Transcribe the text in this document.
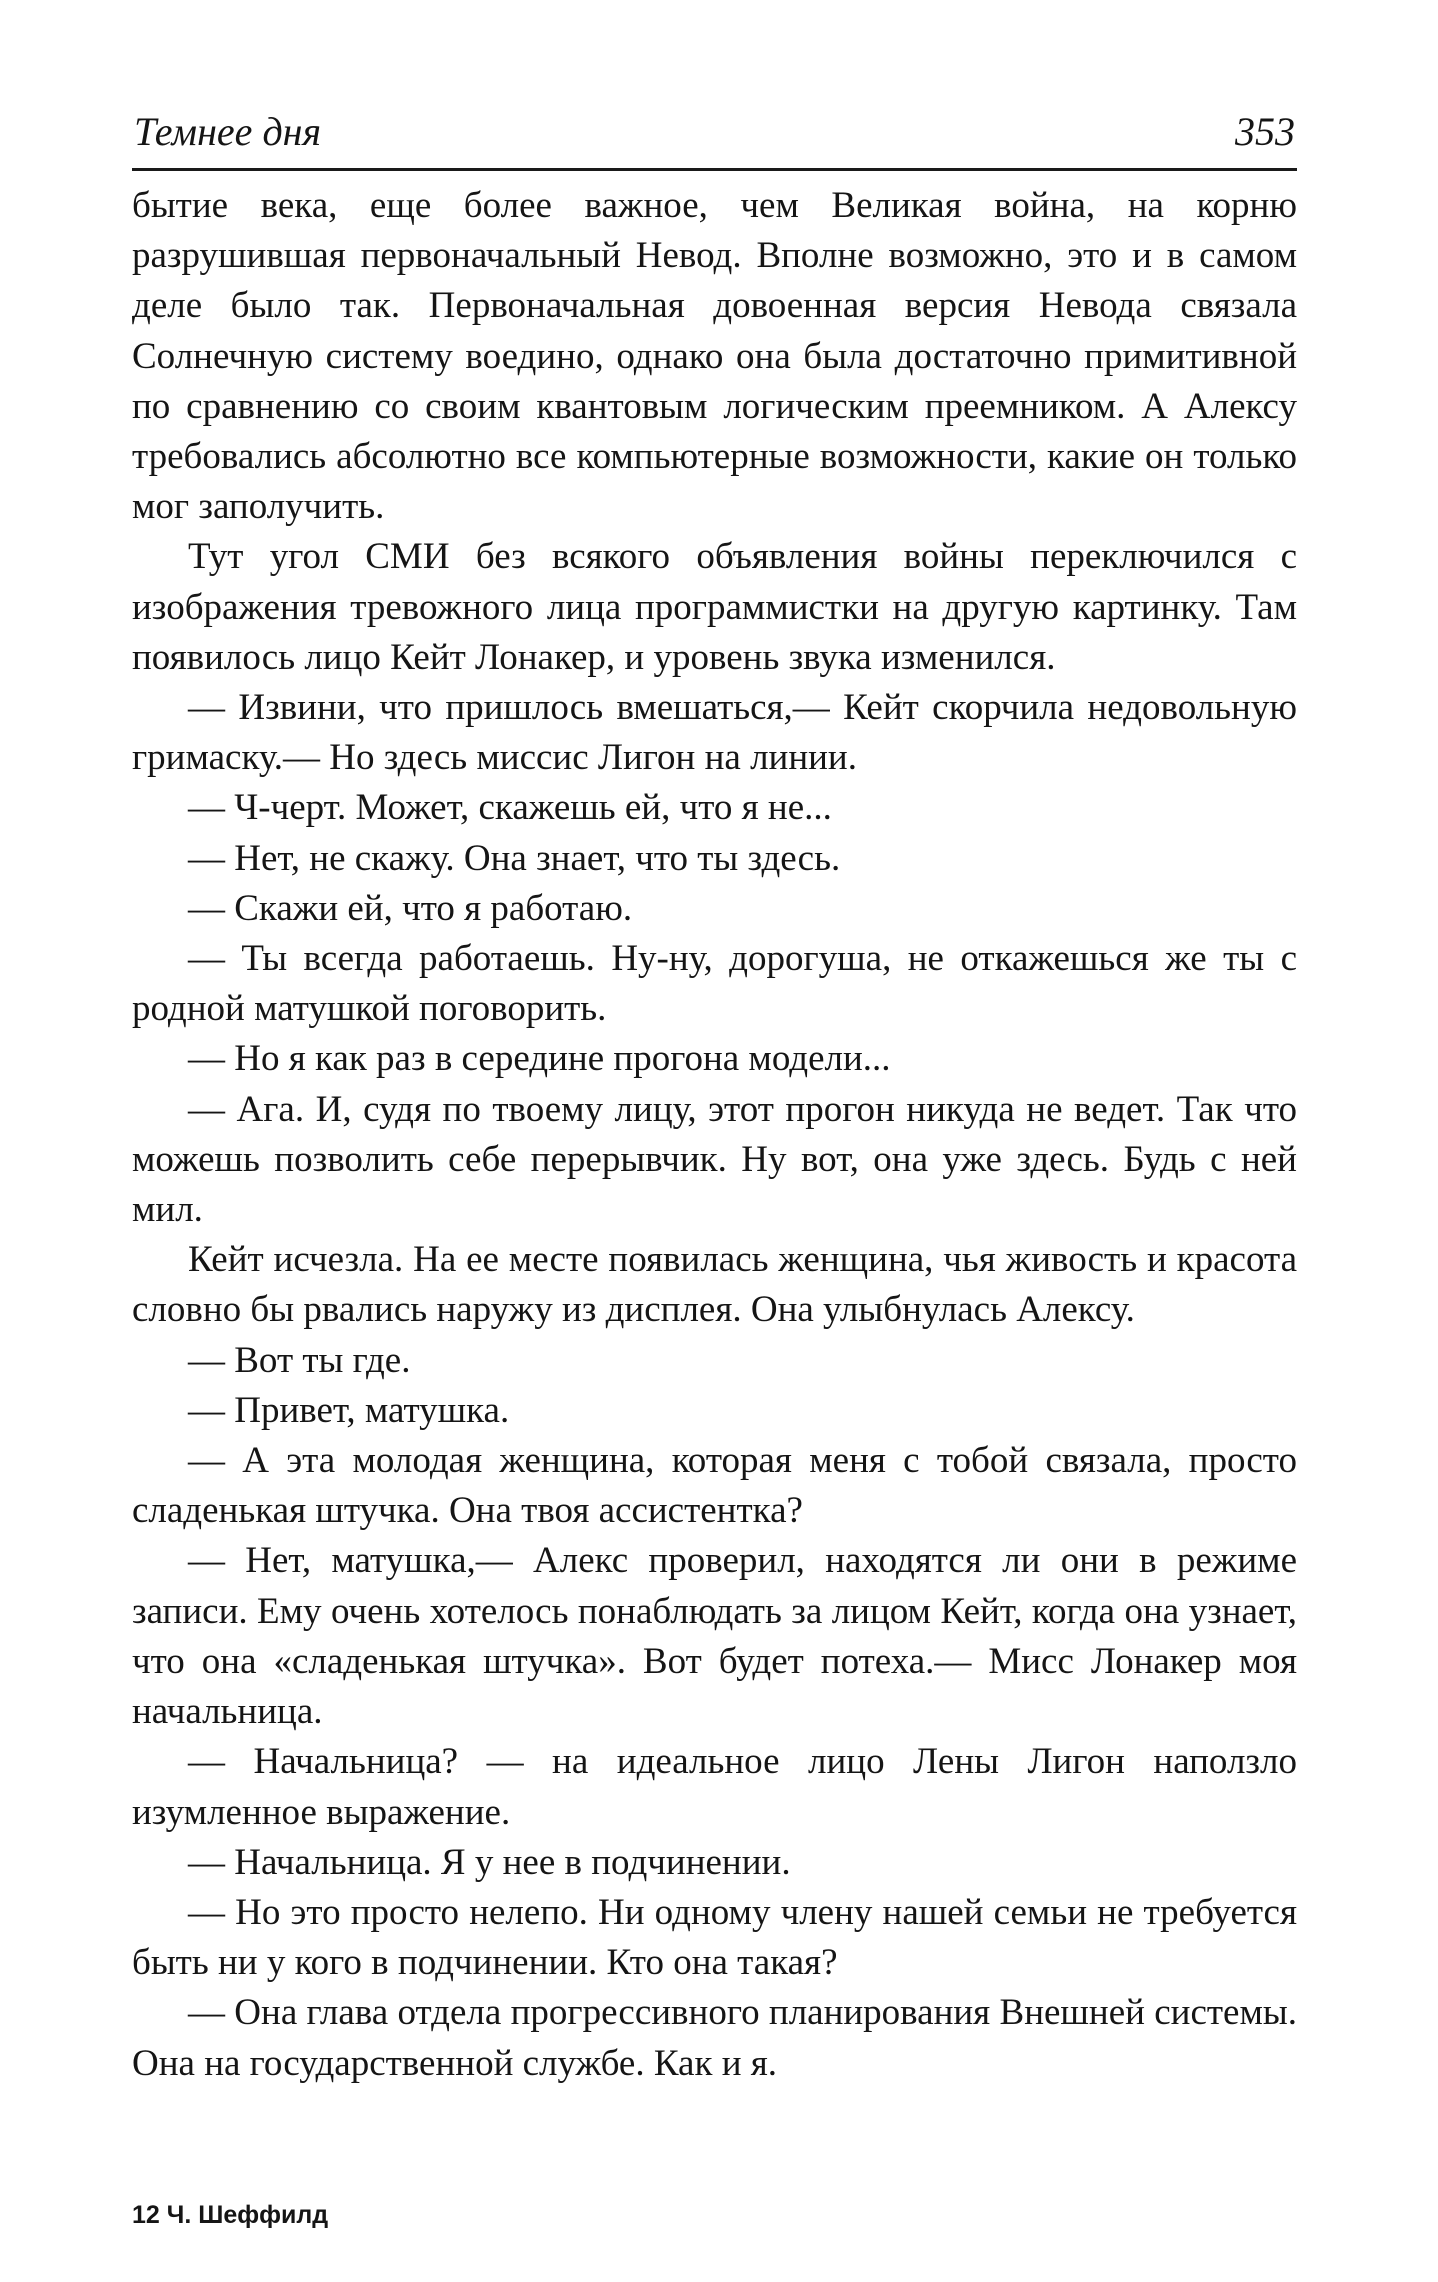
Темнее дня	353

бытие века, еще более важное, чем Великая война, на корню разрушившая первоначальный Невод. Вполне возможно, это и в самом деле было так. Первоначальная довоенная версия Невода связала Солнечную систему воедино, однако она была достаточно примитивной по сравнению со своим квантовым логическим преемником. А Алексу требовались абсолютно все компьютерные возможности, какие он только мог заполучить.

Тут угол СМИ без всякого объявления войны переключился с изображения тревожного лица программистки на другую картинку. Там появилось лицо Кейт Лонакер, и уровень звука изменился.

— Извини, что пришлось вмешаться,— Кейт скорчила недовольную гримаску.— Но здесь миссис Лигон на линии.

— Ч-черт. Может, скажешь ей, что я не...

— Нет, не скажу. Она знает, что ты здесь.

— Скажи ей, что я работаю.

— Ты всегда работаешь. Ну-ну, дорогуша, не откажешься же ты с родной матушкой поговорить.

— Но я как раз в середине прогона модели...

— Ага. И, судя по твоему лицу, этот прогон никуда не ведет. Так что можешь позволить себе перерывчик. Ну вот, она уже здесь. Будь с ней мил.

Кейт исчезла. На ее месте появилась женщина, чья живость и красота словно бы рвались наружу из дисплея. Она улыбнулась Алексу.

— Вот ты где.

— Привет, матушка.

— А эта молодая женщина, которая меня с тобой связала, просто сладенькая штучка. Она твоя ассистентка?

— Нет, матушка,— Алекс проверил, находятся ли они в режиме записи. Ему очень хотелось понаблюдать за лицом Кейт, когда она узнает, что она «сладенькая штучка». Вот будет потеха.— Мисс Лонакер моя начальница.

— Начальница? — на идеальное лицо Лены Лигон наползло изумленное выражение.

— Начальница. Я у нее в подчинении.

— Но это просто нелепо. Ни одному члену нашей семьи не требуется быть ни у кого в подчинении. Кто она такая?

— Она глава отдела прогрессивного планирования Внешней системы. Она на государственной службе. Как и я.

12 Ч. Шеффилд
